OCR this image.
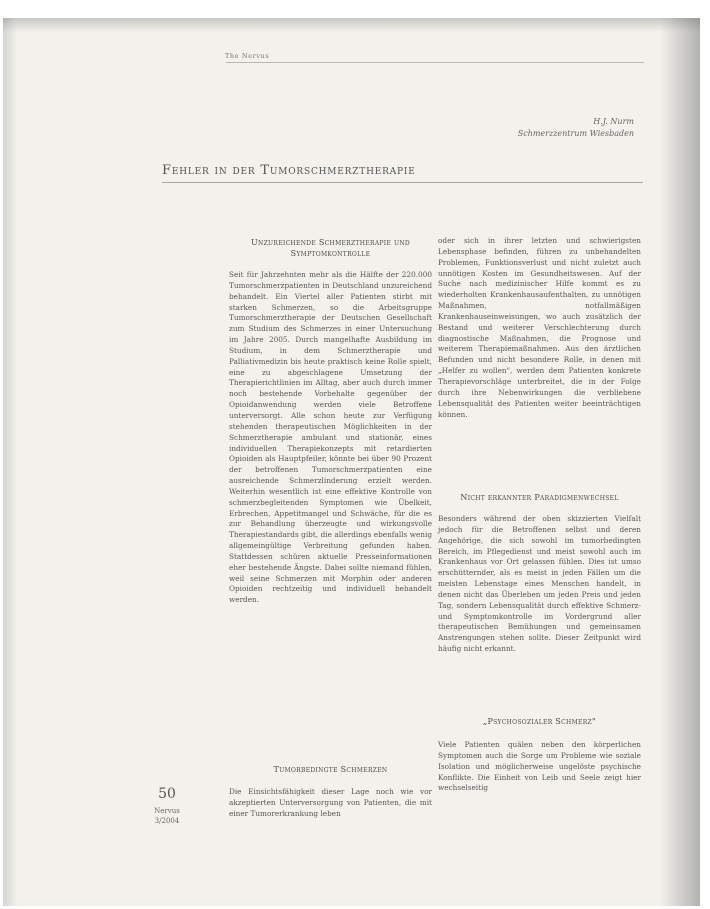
The Nervus
H.J. Nurm
Schmerzzentrum Wiesbaden
Fehler in der Tumorschmerztherapie

Unzureichende Schmerztherapie und Symptomkontrolle

Seit für Jahrzehnten mehr als die Hälfte der 220.000 Tumorschmerzpatienten in Deutschland unzureichend behandelt. Ein Viertel aller Patienten stirbt mit starken Schmerzen, so die Arbeitsgruppe Tumorschmerztherapie der Deutschen Gesellschaft zum Studium des Schmerzes in einer Untersuchung im Jahre 2005. Durch mangelhafte Ausbildung im Studium, in dem Schmerztherapie und Palliativmedizin bis heute praktisch keine Rolle spielt, eine zu abgeschlagene Umsetzung der Therapierichtlinien im Alltag, aber auch durch immer noch bestehende Vorbehalte gegenüber der Opioidanwendung werden viele Betroffene unterversorgt. Alle schon heute zur Verfügung stehenden therapeutischen Möglichkeiten in der Schmerztherapie ambulant und stationär, eines individuellen Therapiekonzepts mit retardierten Opioiden als Hauptpfeiler, könnte bei über 90 Prozent der betroffenen Tumorschmerzpatienten eine ausreichende Schmerzlinderung erzielt werden. Weiterhin wesentlich ist eine effektive Kontrolle von schmerzbegleitenden Symptomen wie Übelkeit, Erbrechen, Appetitmangel und Schwäche, für die es zur Behandlung überzeugte und wirkungsvolle Therapiestandards gibt, die allerdings ebenfalls wenig allgemeingültige Verbreitung gefunden haben. Stattdessen schüren aktuelle Presseinformationen eher bestehende Ängste. Dabei sollte niemand fühlen, weil seine Schmerzen mit Morphin oder anderen Opioiden rechtzeitig und individuell behandelt werden.

oder sich in ihrer letzten und schwierigsten Lebensphase befinden, führen zu unbehandelten Problemen, Funktionsverlust und nicht zuletzt auch unnötigen Kosten im Gesundheitswesen. Auf der Suche nach medizinischer Hilfe kommt es zu wiederholten Krankenhausaufenthalten, zu unnötigen Maßnahmen, notfallmäßigen Krankenhauseinweisungen, wo auch zusätzlich der Bestand und weiterer Verschlechterung durch diagnostische Maßnahmen, die Prognose und weiterem Therapiemaßnahmen. Aus den ärztlichen Befunden und nicht besondere Rolle, in denen mit „Helfer zu wollen", werden dem Patienten konkrete Therapievorschläge unterbreitet, die in der Folge durch ihre Nebenwirkungen die verbliebene Lebensqualität des Patienten weiter beeinträchtigen können.

Nicht erkannter Paradigmenwechsel

Besonders während der oben skizzierten Vielfalt jedoch für die Betroffenen selbst und deren Angehörige, die sich sowohl im tumorbedingten Bereich, im Pflegedienst und meist sowohl auch im Krankenhaus vor Ort gelassen fühlen. Dies ist umso erschütternder, als es meist in jeden Fällen um die meisten Lebenstage eines Menschen handelt, in denen nicht das Überleben um jeden Preis und jeden Tag, sondern Lebensqualität durch effektive Schmerz- und Symptomkontrolle im Vordergrund aller therapeutischen Bemühungen und gemeinsamen Anstrengungen stehen sollte. Dieser Zeitpunkt wird häufig nicht erkannt.

Tumorbedingte Schmerzen

Die Einsichtsfähigkeit dieser Lage noch wie vor akzeptierten Unterversorgung von Patienten, die mit einer Tumorerkrankung leben

„Psychosozialer Schmerz"

Viele Patienten quälen neben den körperlichen Symptomen auch die Sorge um Probleme wie soziale Isolation und möglicherweise ungelöste psychische Konflikte. Die Einheit von Leib und Seele zeigt hier wechselseitig

50
Nervus
3/2004
